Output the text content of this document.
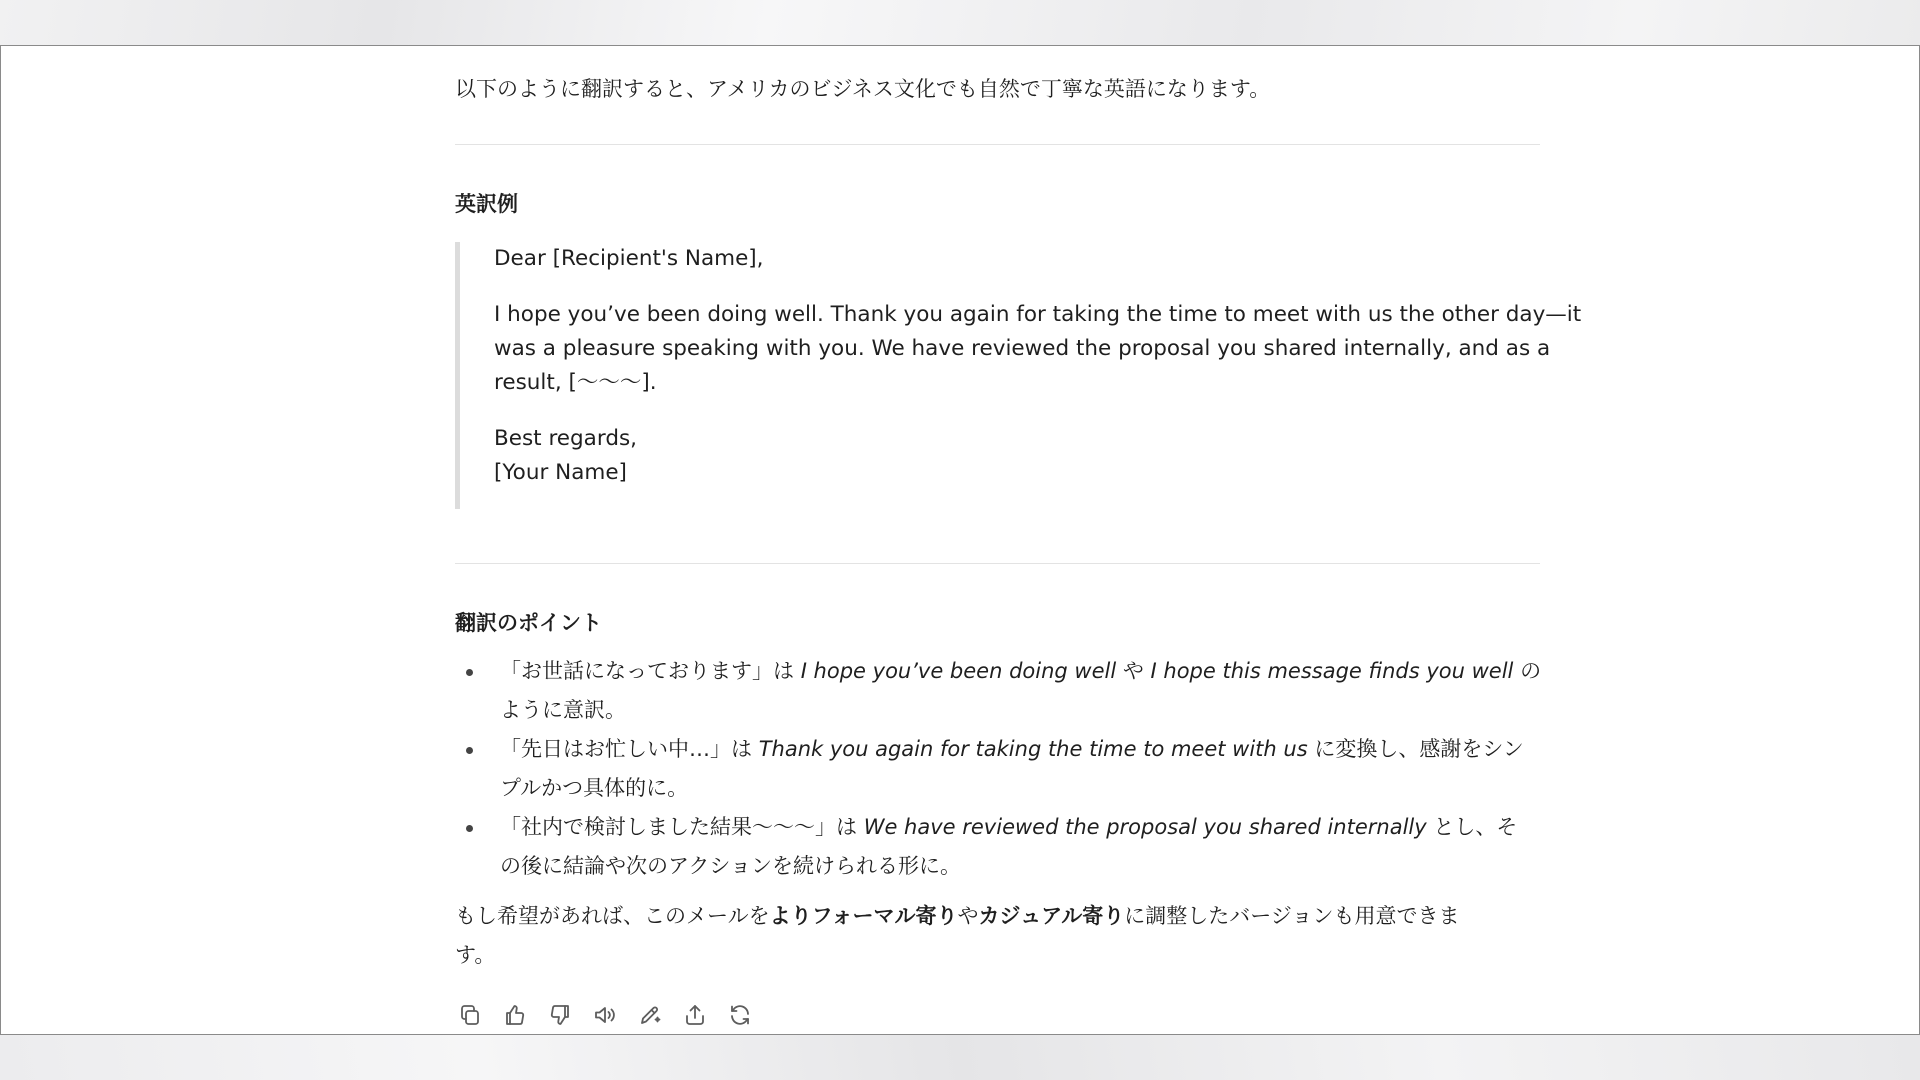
以下のように翻訳すると、アメリカのビジネス文化でも自然で丁寧な英語になります。

英訳例

Dear [Recipient's Name],

I hope you’ve been doing well. Thank you again for taking the time to meet with us the other day—it

was a pleasure speaking with you. We have reviewed the proposal you shared internally, and as a

result, [〜〜〜].

Best regards,

[Your Name]

翻訳のポイント
「お世話になっております」は I hope you’ve been doing well や I hope this message finds you well の
ように意訳。
「先日はお忙しい中…」は Thank you again for taking the time to meet with us に変換し、感謝をシン
プルかつ具体的に。
「社内で検討しました結果〜〜〜」は We have reviewed the proposal you shared internally とし、そ
の後に結論や次のアクションを続けられる形に。

もし希望があれば、このメールをよりフォーマル寄りやカジュアル寄りに調整したバージョンも用意できま
す。
